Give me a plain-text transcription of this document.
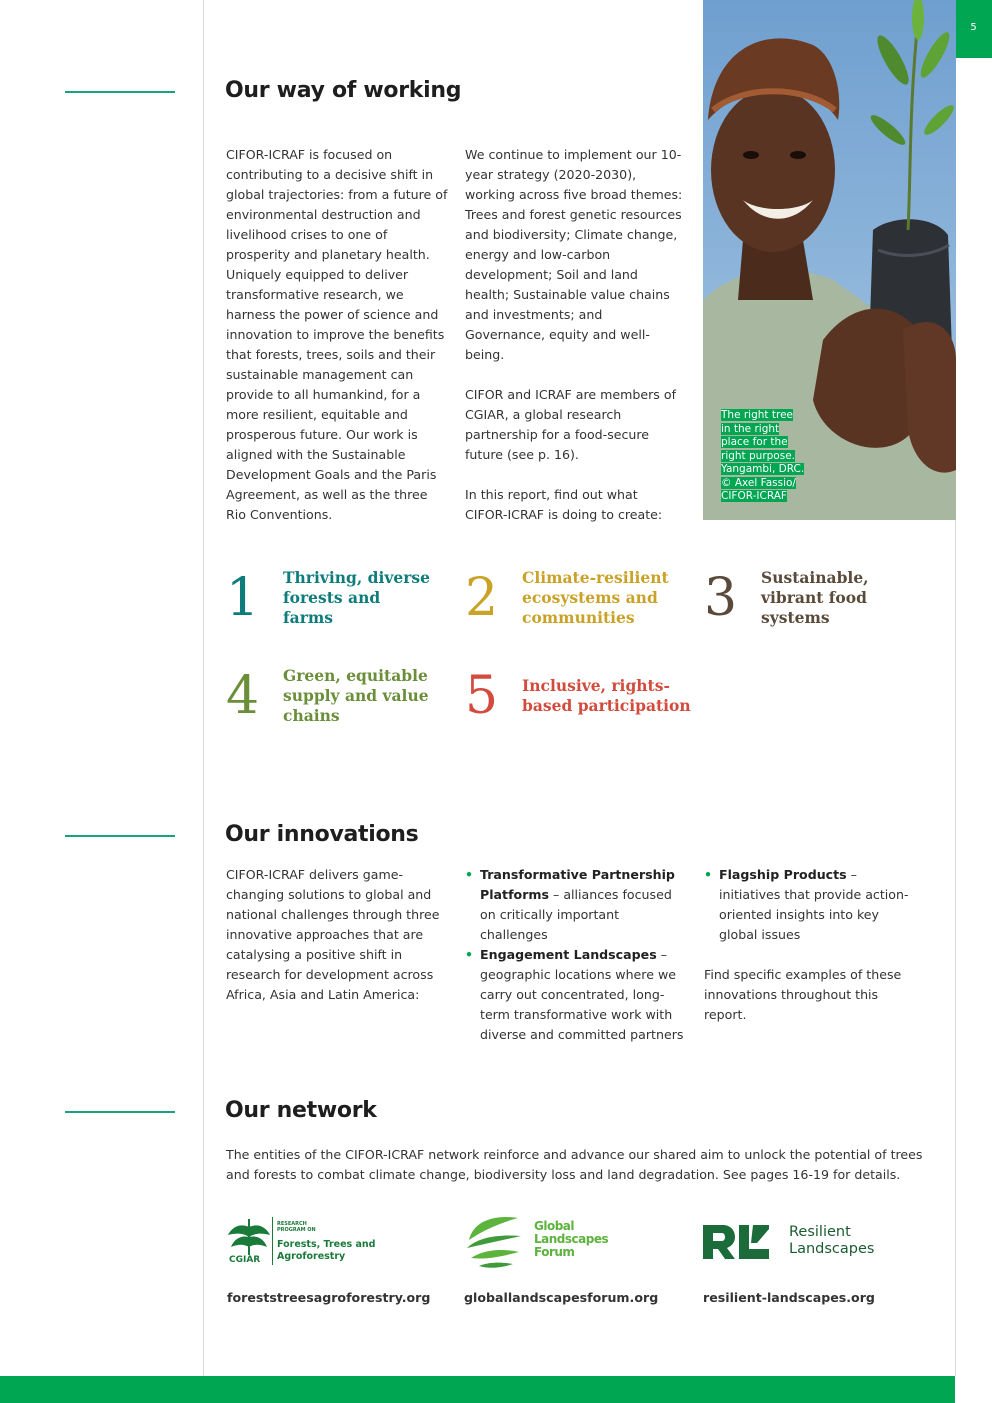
5
Our way of working

CIFOR-ICRAF is focused on contributing to a decisive shift in global trajectories: from a future of environmental destruction and livelihood crises to one of prosperity and planetary health. Uniquely equipped to deliver transformative research, we harness the power of science and innovation to improve the benefits that forests, trees, soils and their sustainable management can provide to all humankind, for a more resilient, equitable and prosperous future. Our work is aligned with the Sustainable Development Goals and the Paris Agreement, as well as the three Rio Conventions.

We continue to implement our 10-year strategy (2020-2030), working across five broad themes: Trees and forest genetic resources and biodiversity; Climate change, energy and low-carbon development; Soil and land health; Sustainable value chains and investments; and Governance, equity and well-being.

CIFOR and ICRAF are members of CGIAR, a global research partnership for a food-secure future (see p. 16).

In this report, find out what CIFOR-ICRAF is doing to create:

The right tree
in the right
place for the
right purpose.
Yangambi, DRC.
© Axel Fassio/
CIFOR-ICRAF
1	Thriving, diverse forests and farms	2	Climate-resilient ecosystems and communities	3	Sustainable, vibrant food systems
4	Green, equitable supply and value chains	5	Inclusive, rights-based participation
Our innovations

CIFOR-ICRAF delivers game-changing solutions to global and national challenges through three innovative approaches that are catalysing a positive shift in research for development across Africa, Asia and Latin America:

• Transformative Partnership Platforms – alliances focused on critically important challenges
• Engagement Landscapes – geographic locations where we carry out concentrated, long-term transformative work with diverse and committed partners
• Flagship Products – initiatives that provide action-oriented insights into key global issues

Find specific examples of these innovations throughout this report.

Our network

The entities of the CIFOR-ICRAF network reinforce and advance our shared aim to unlock the potential of trees and forests to combat climate change, biodiversity loss and land degradation. See pages 16-19 for details.

CGIAR
RESEARCH PROGRAM ON
Forests, Trees and
Agroforestry
Global
Landscapes
Forum
Resilient
Landscapes
foreststreesagroforestry.org	globallandscapesforum.org	resilient-landscapes.org
